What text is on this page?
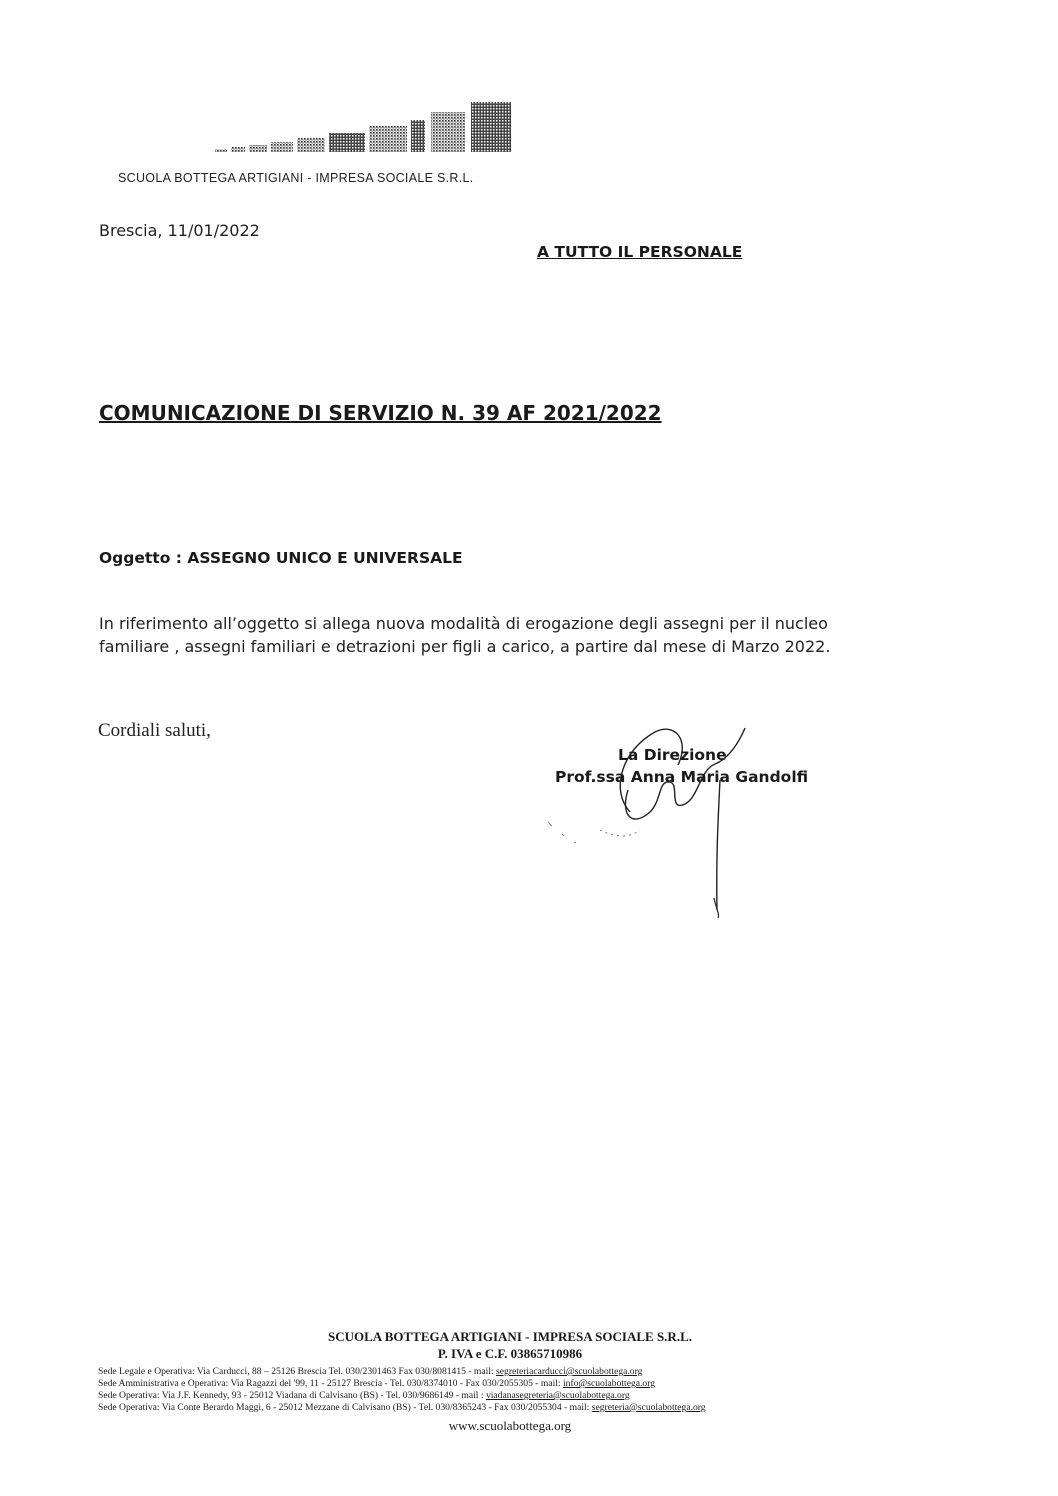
SCUOLA BOTTEGA ARTIGIANI - IMPRESA SOCIALE S.R.L.
Brescia, 11/01/2022
A TUTTO IL PERSONALE
COMUNICAZIONE DI SERVIZIO N. 39 AF 2021/2022
Oggetto : ASSEGNO UNICO E UNIVERSALE
In riferimento all’oggetto si allega nuova modalità di erogazione degli assegni per il nucleo
familiare , assegni familiari e detrazioni per figli a carico, a partire dal mese di Marzo 2022.
Cordiali saluti,
La Direzione
Prof.ssa Anna Maria Gandolfi
SCUOLA BOTTEGA ARTIGIANI - IMPRESA SOCIALE S.R.L.
P. IVA e C.F. 03865710986
Sede Legale e Operativa: Via Carducci, 88 – 25126 Brescia Tel. 030/2301463 Fax 030/8081415 - mail: segreteriacarducci@scuolabottega.org
Sede Amministrativa e Operativa: Via Ragazzi del '99, 11 - 25127 Brescia - Tel. 030/8374010 - Fax 030/2055305 - mail: info@scuolabottega.org
Sede Operativa: Via J.F. Kennedy, 93 - 25012 Viadana di Calvisano (BS) - Tel. 030/9686149 - mail : viadanasegreteria@scuolabottega.org
Sede Operativa: Via Conte Berardo Maggi, 6 - 25012 Mezzane di Calvisano (BS) - Tel. 030/8365243 - Fax 030/2055304 - mail: segreteria@scuolabottega.org
www.scuolabottega.org
